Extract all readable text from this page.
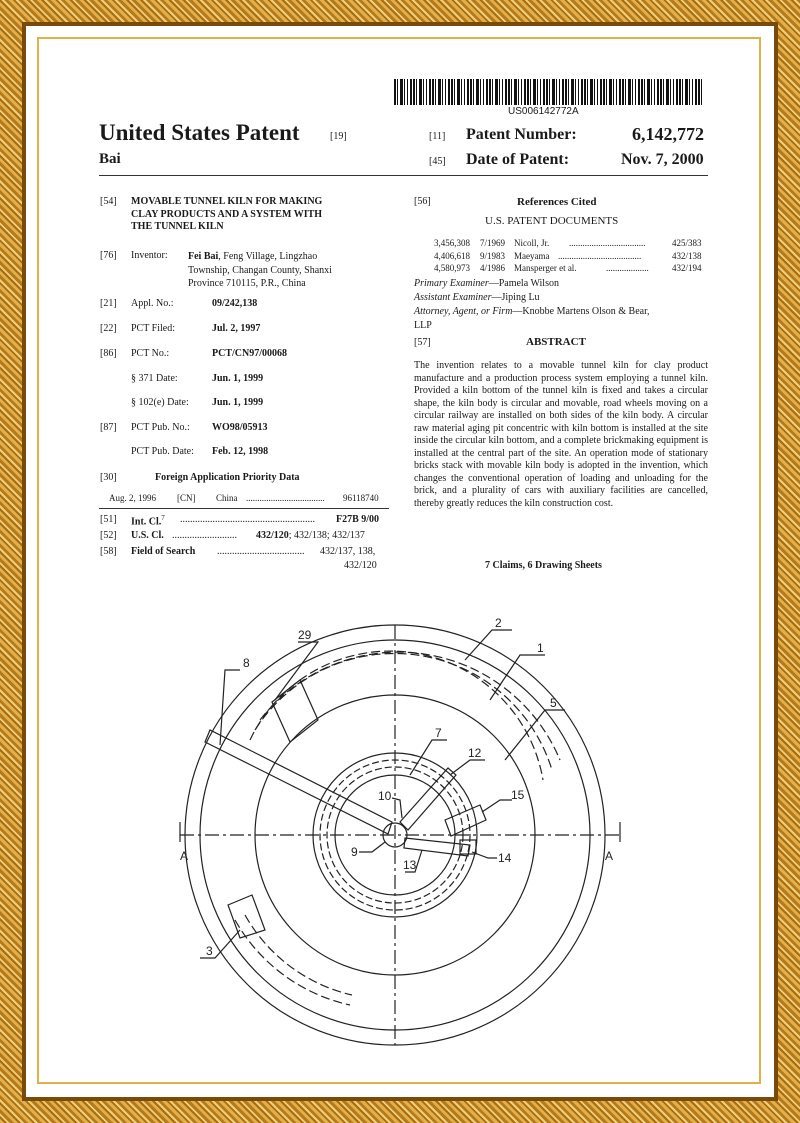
US006142772A
United States Patent	[19]
Bai
[11] Patent Number:	6,142,772
[45] Date of Patent:	Nov. 7, 2000
[54] MOVABLE TUNNEL KILN FOR MAKING
CLAY PRODUCTS AND A SYSTEM WITH
THE TUNNEL KILN
[76] Inventor: Fei Bai, Feng Village, Lingzhao
Township, Changan County, Shanxi
Province 710115, P.R., China
[21] Appl. No.:	09/242,138
[22] PCT Filed:	Jul. 2, 1997
[86] PCT No.:	PCT/CN97/00068
§ 371 Date:	Jun. 1, 1999
§ 102(e) Date: Jun. 1, 1999
[87] PCT Pub. No.: WO98/05913
PCT Pub. Date: Feb. 12, 1998
[30]	Foreign Application Priority Data
Aug. 2, 1996 [CN] China ................................... 96118740
[51] Int. Cl.$^7$ ...................................................... F27B 9/00
[52] U.S. Cl. .......................... 432/120; 432/138; 432/137
[58] Field of Search ................................... 432/137, 138,
432/120
[56]	References Cited
U.S. PATENT DOCUMENTS
3,456,308 7/1969 Nicoll, Jr. ..................................	425/383
4,406,618 9/1983 Maeyama .....................................	432/138
4,580,973 4/1986 Mansperger et al.	...................	432/194
Primary Examiner—Pamela Wilson
Assistant Examiner—Jiping Lu
Attorney, Agent, or Firm—Knobbe Martens Olson & Bear,
LLP
[57]	ABSTRACT
The invention relates to a movable tunnel kiln for clay product manufacture and a production process system employing a tunnel kiln. Provided a kiln bottom of the tunnel kiln is fixed and takes a circular shape, the kiln body is circular and movable, road wheels moving on a circular railway are installed on both sides of the kiln body. A circular raw material aging pit concentric with kiln bottom is installed at the site inside the circular kiln bottom, and a complete brickmaking equipment is installed at the central part of the site. An operation mode of stationary bricks stack with movable kiln body is adopted in the invention, which changes the conventional operation of loading and unloading for the brick, and a plurality of cars with auxiliary facilities are cancelled, thereby greatly reduces the kiln construction cost.
7 Claims, 6 Drawing Sheets
29
2
1
8
5
7
12
10	15
9
13	14
3
A	A
